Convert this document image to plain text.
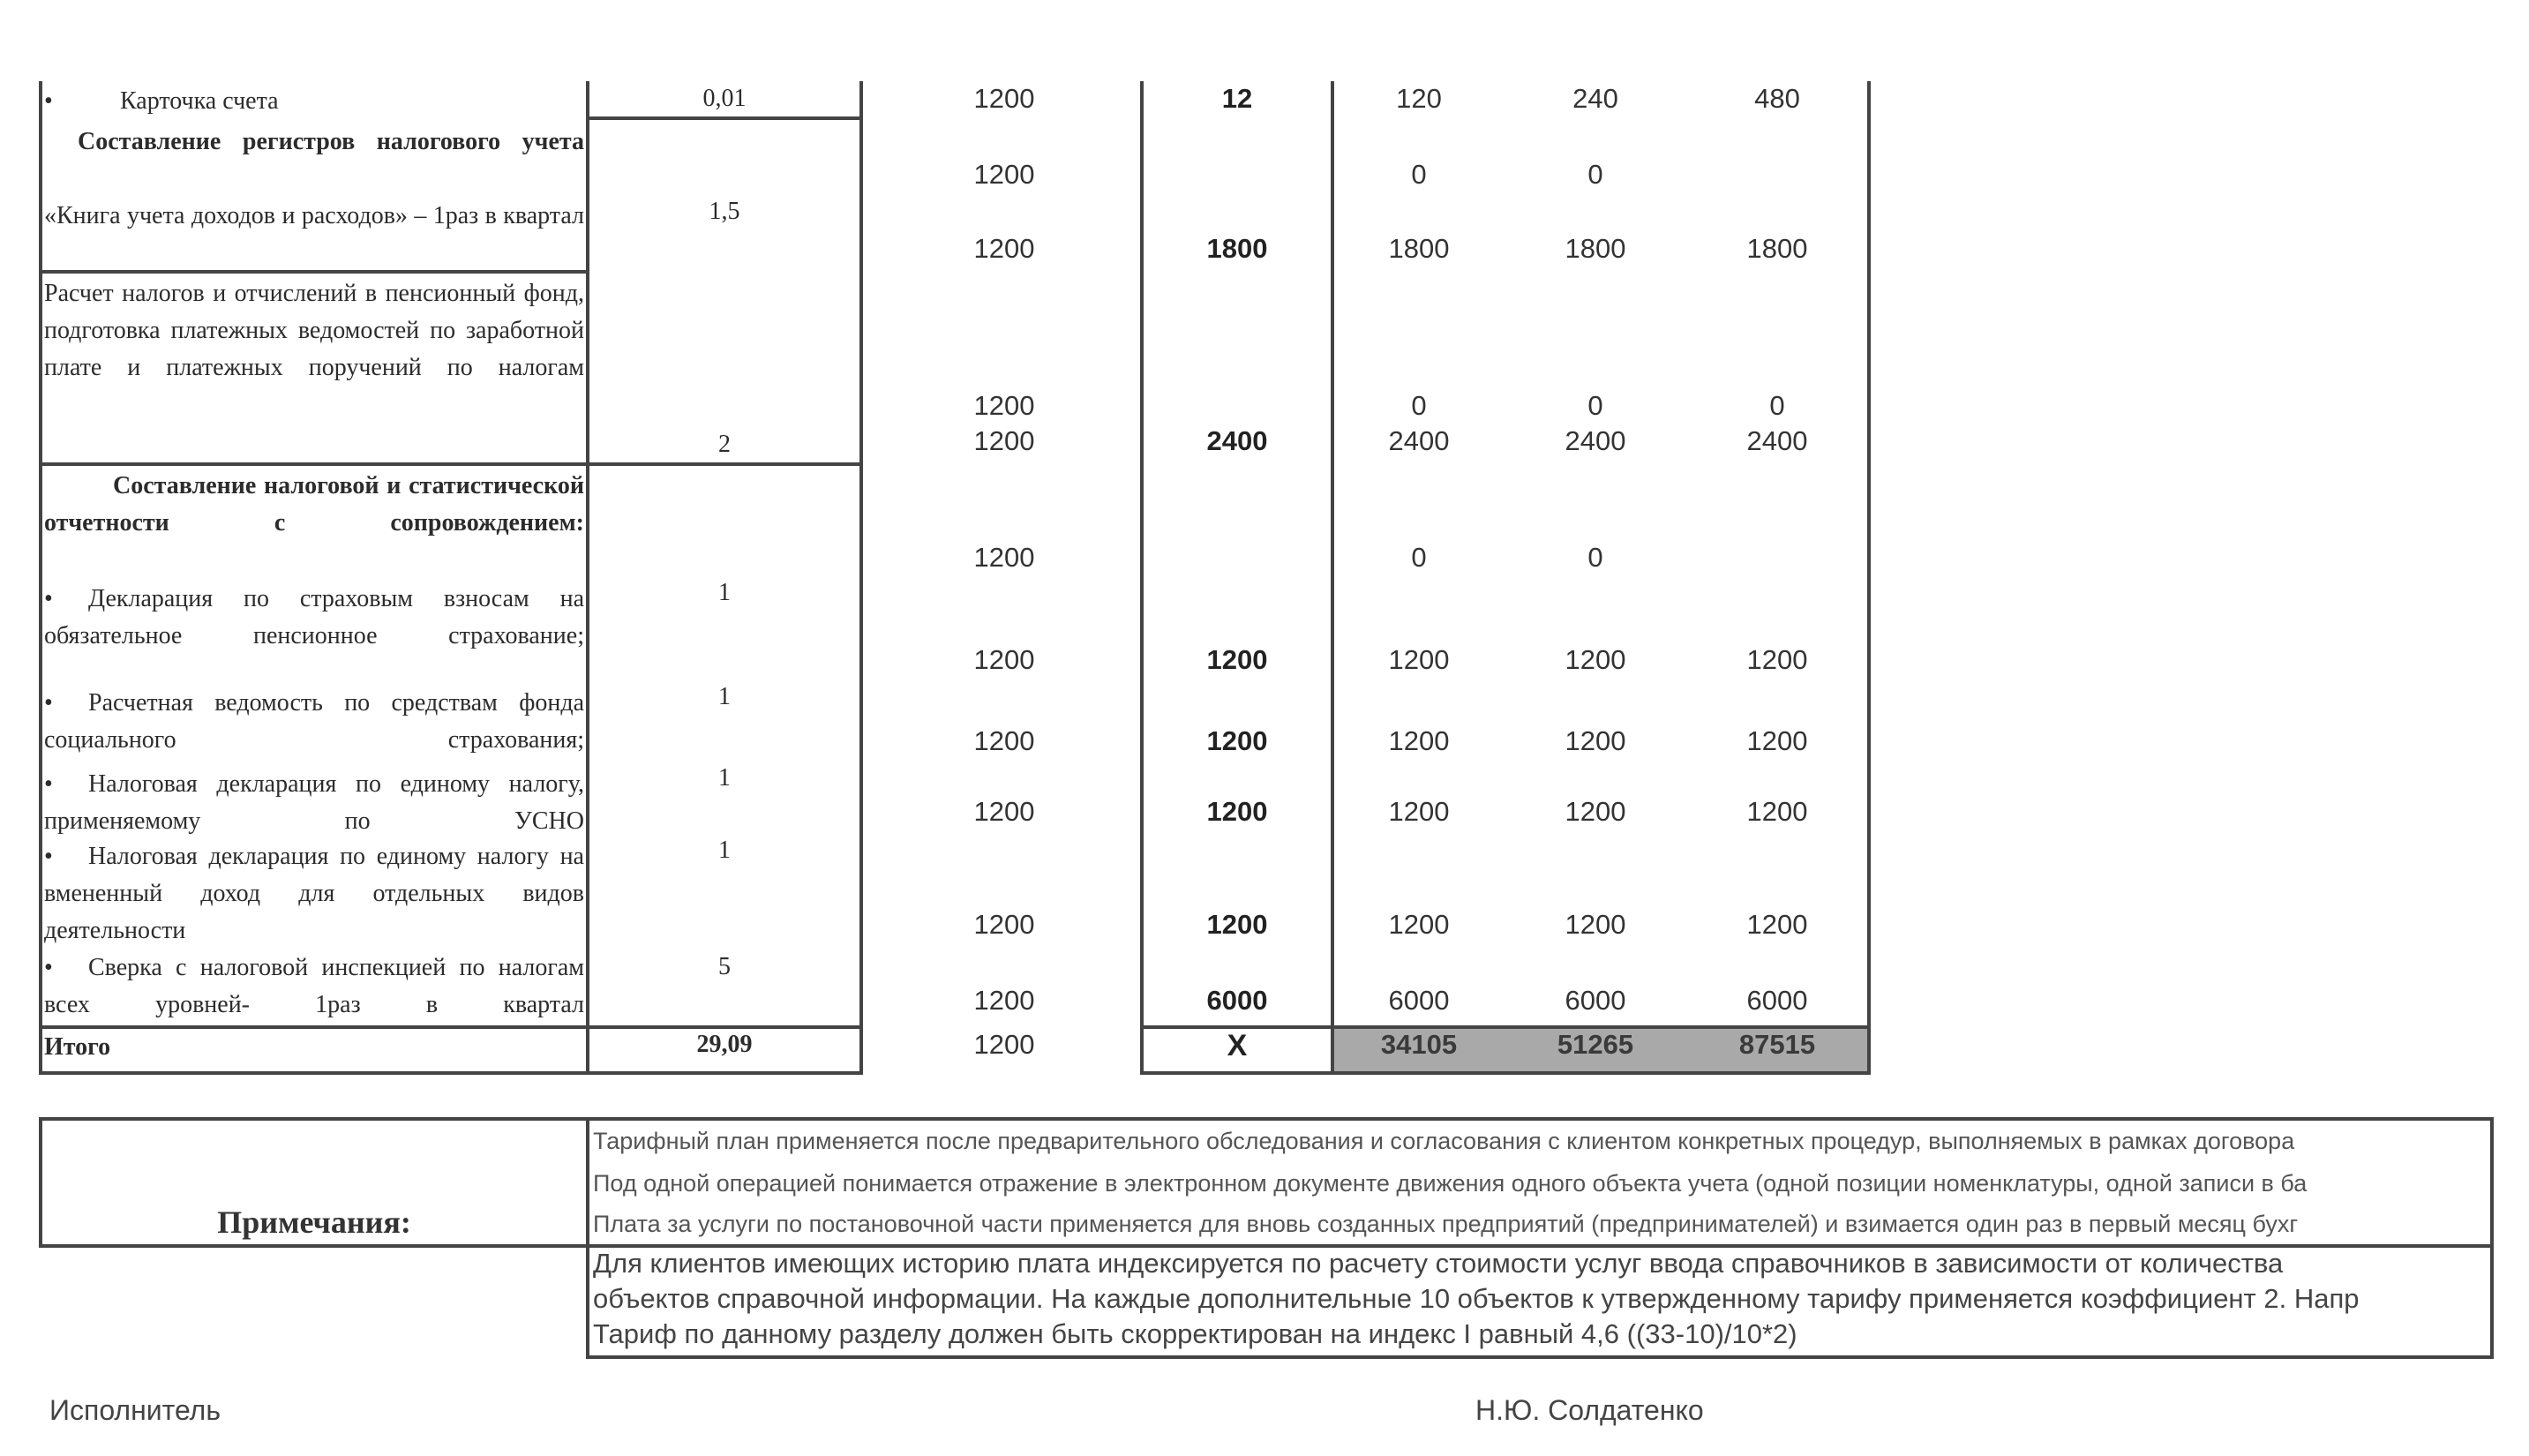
•	Карточка счета
Составление регистров налогового учета
«Книга учета доходов и расходов» – 1раз в квартал
Расчет налогов и отчислений в пенсионный фонд, подготовка платежных ведомостей по заработной плате и платежных поручений по налогам
Составление налоговой и статистической отчетности с сопровождением:
• Декларация по страховым взносам на обязательное пенсионное страхование;
• Расчетная ведомость по средствам фонда социального страхования;
• Налоговая декларация по единому налогу, применяемому по УСНО
• Налоговая декларация по единому налогу на вмененный доход для отдельных видов деятельности
• Сверка с налоговой инспекцией по налогам всех уровней- 1раз в квартал
Итого
0,01
1,5
2
1
1
1
1
5
29,09
1200
1200
1200
1200
1200
1200
1200
1200
1200
1200
1200
1200
12
1800
2400
1200
1200
1200
1200
6000
Х
120
0
1800
0
2400
0
1200
1200
1200
1200
6000
34105
240
0
1800
0
2400
0
1200
1200
1200
1200
6000
51265
480
1800
0
2400
1200
1200
1200
1200
6000
87515
Примечания:
Тарифный план применяется после предварительного обследования и согласования с клиентом конкретных процедур, выполняемых в рамках договора
Под одной операцией понимается отражение в электронном документе движения одного объекта учета (одной позиции номенклатуры, одной записи в ба
Плата за услуги по постановочной части применяется для вновь созданных предприятий (предпринимателей) и взимается один раз в первый месяц бухг
Для клиентов имеющих историю плата индексируется по расчету стоимости услуг ввода справочников в зависимости от количества
объектов справочной информации. На каждые дополнительные 10 объектов к утвержденному тарифу применяется коэффициент 2. Напр
Тариф по данному разделу должен быть скорректирован на индекс I равный 4,6 ((33-10)/10*2)
Исполнитель	Н.Ю. Солдатенко
